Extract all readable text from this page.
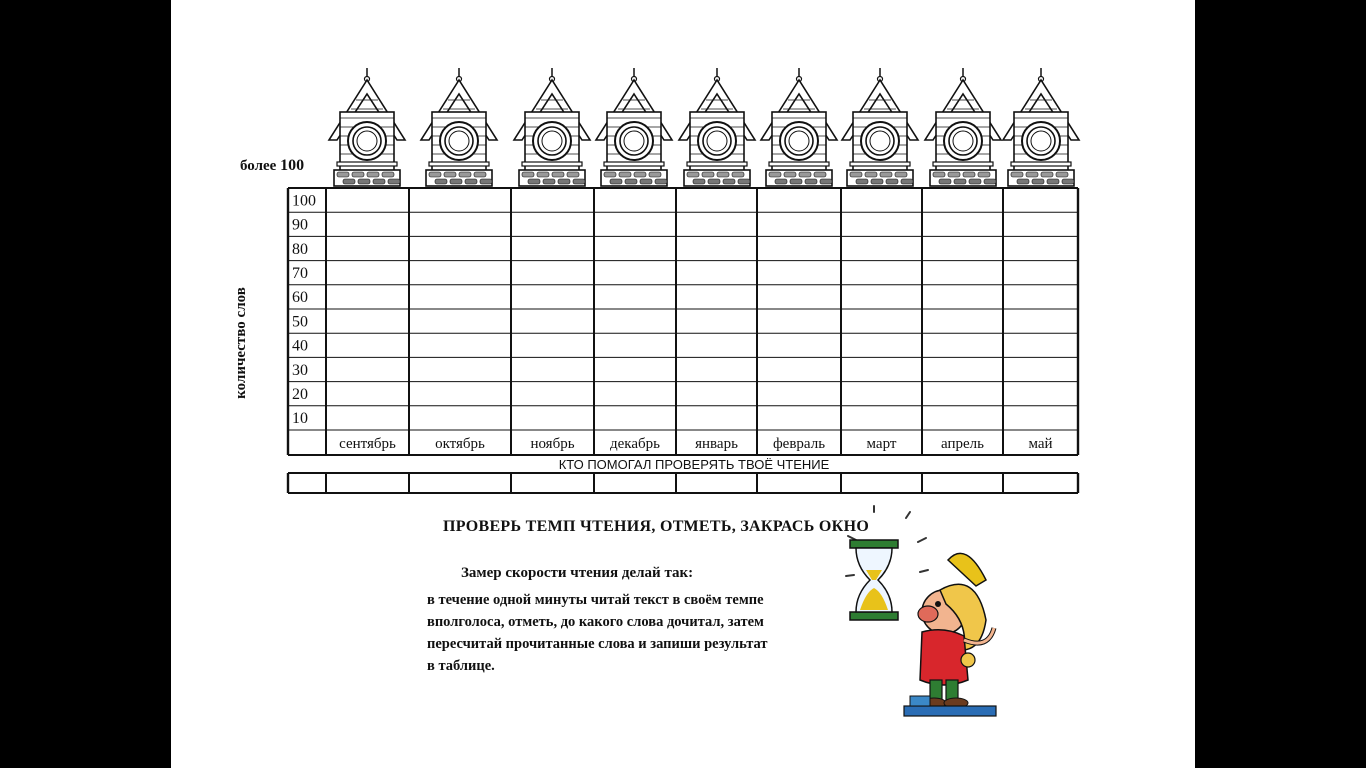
более 100
количество слов
100
90
80
70
60
50
40
30
20
10
сентябрь	октябрь	ноябрь декабрь январь февраль	март	апрель	май
КТО ПОМОГАЛ ПРОВЕРЯТЬ ТВОЁ ЧТЕНИЕ
ПРОВЕРЬ ТЕМП ЧТЕНИЯ, ОТМЕТЬ, ЗАКРАСЬ ОКНО
Замер скорости чтения делай так:
в течение одной минуты читай текст в своём темпе
вполголоса, отметь, до какого слова дочитал, затем
пересчитай прочитанные слова и запиши результат
в таблице.
